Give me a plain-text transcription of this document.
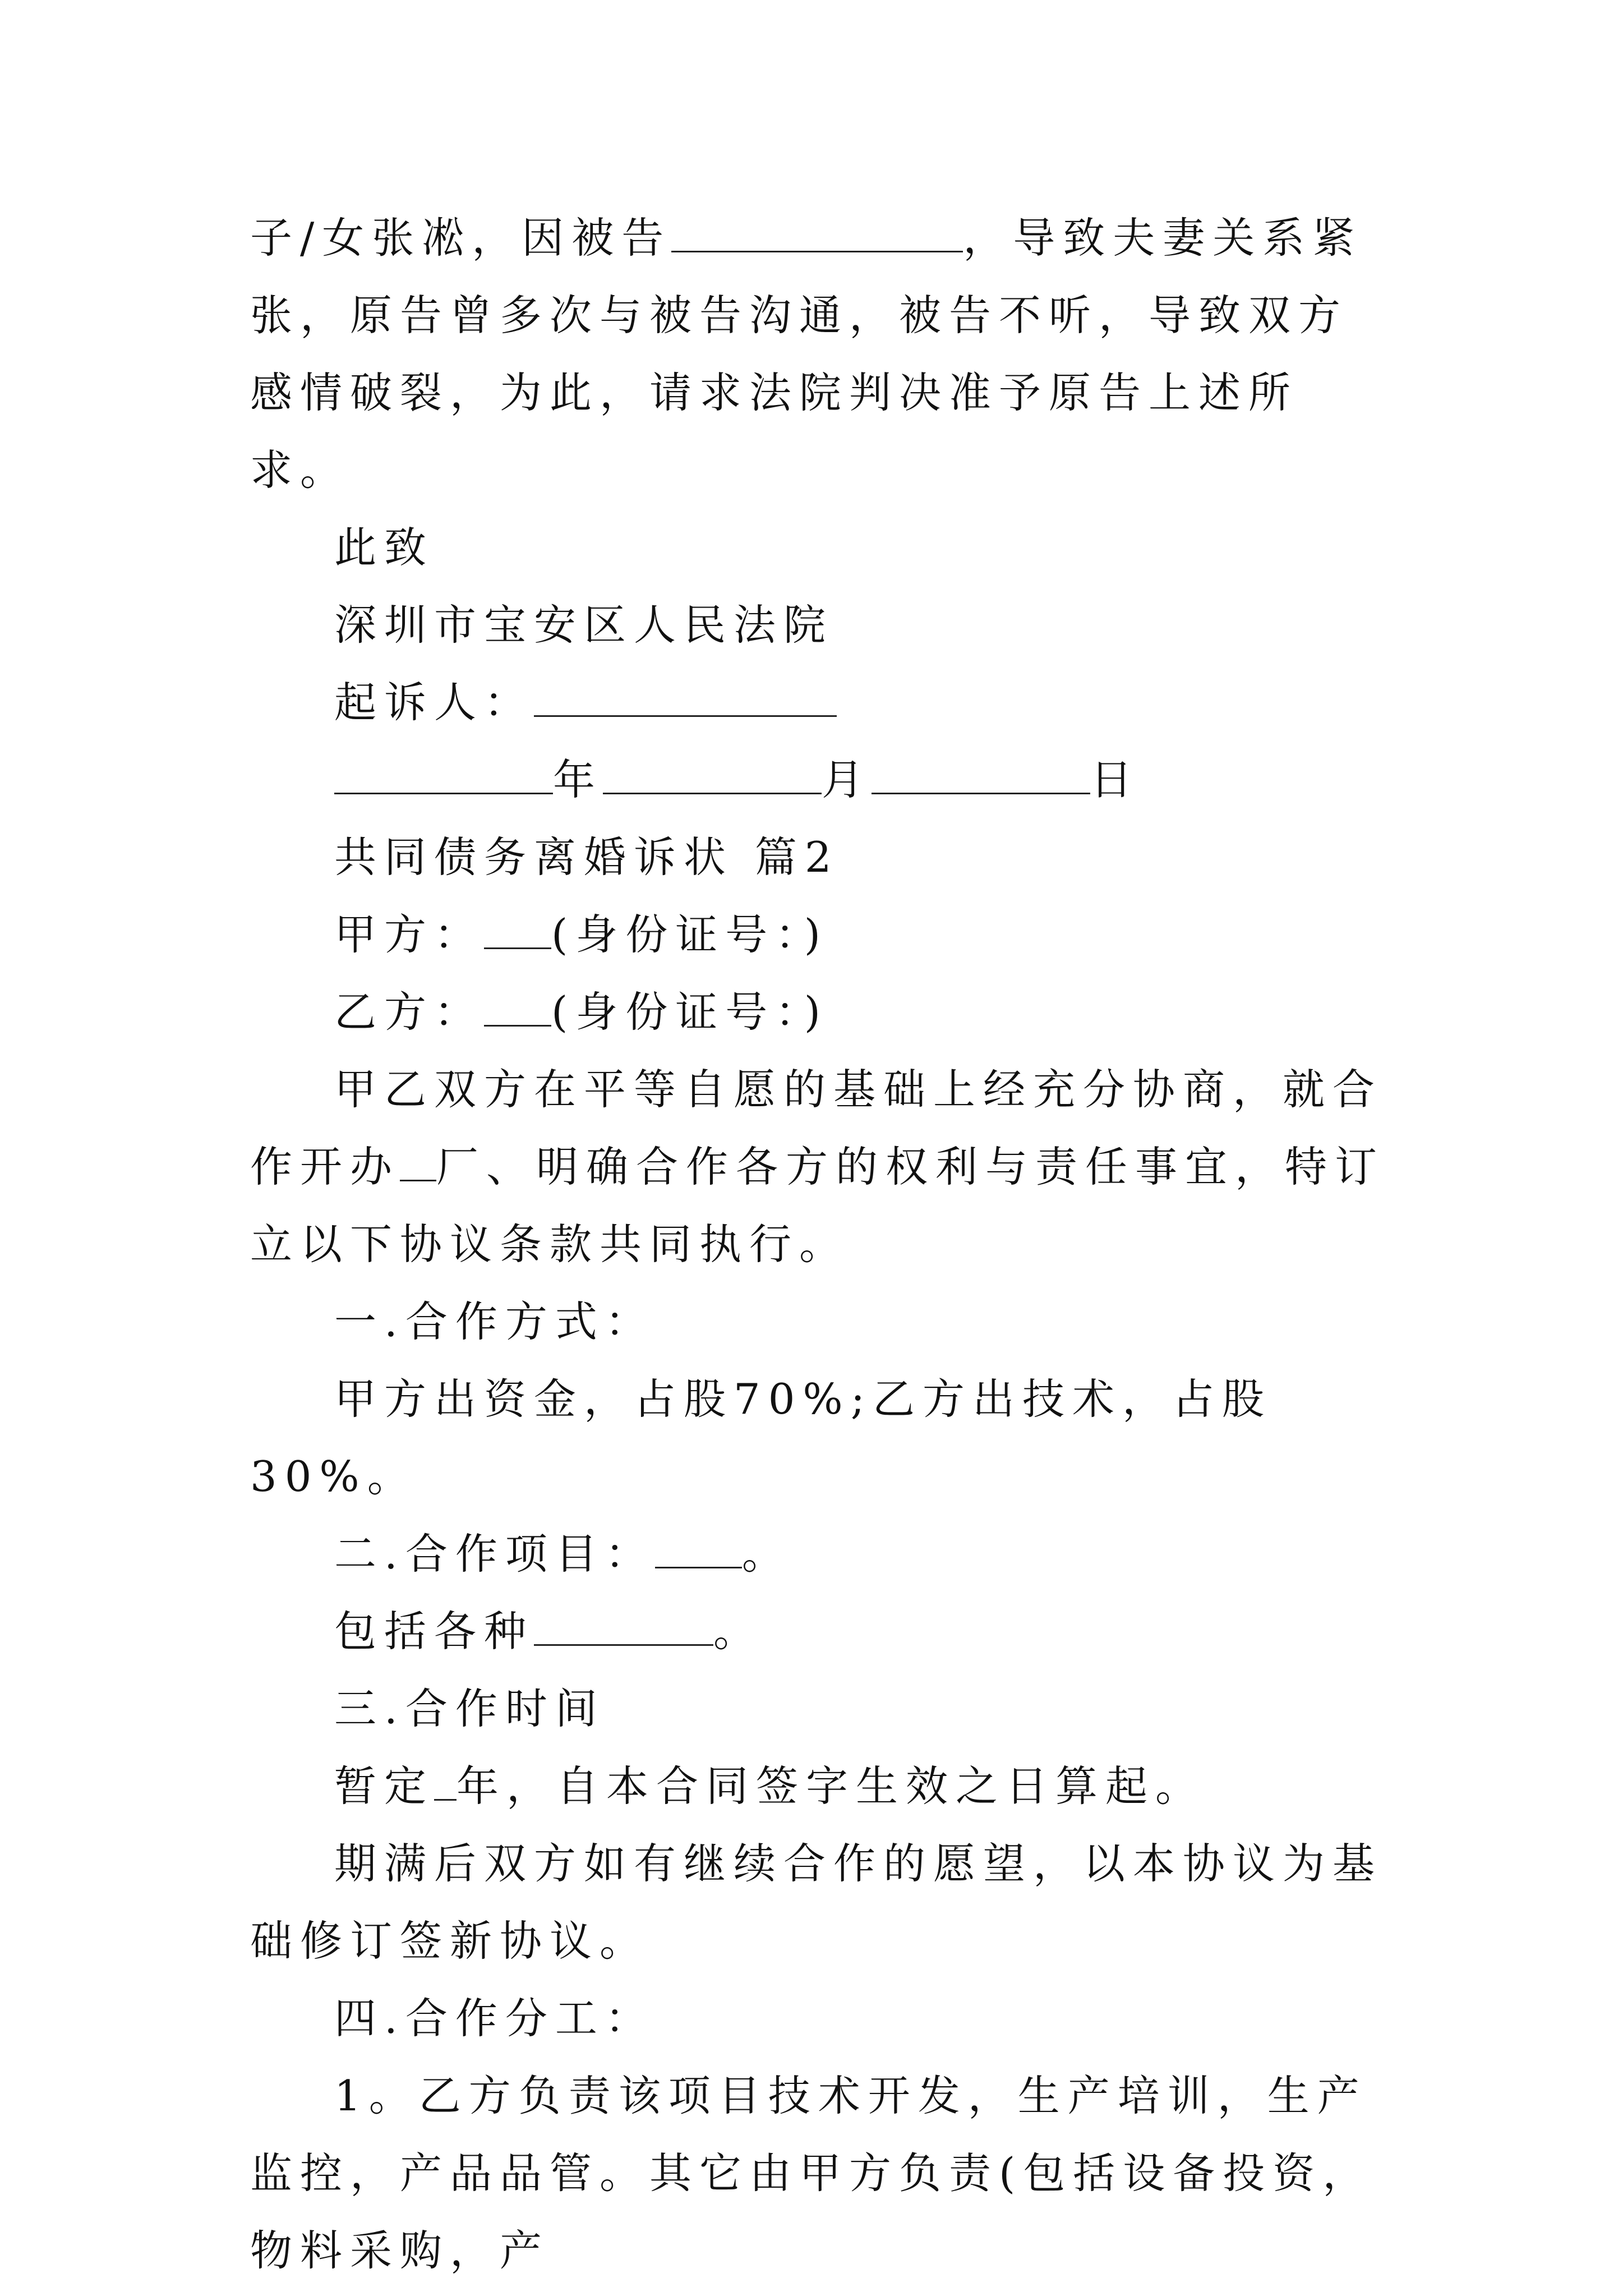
子/女张凇，因被告	，导致夫妻关系紧张，原告曾多次与被告沟通，被告不听，导致双方感情破裂，为此，请求法院判决准予原告上述所求。

此致

深圳市宝安区人民法院

起诉人：

年	月	日

共同债务离婚诉状 篇2

甲方： (身份证号：)

乙方： (身份证号：)

甲乙双方在平等自愿的基础上经充分协商，就合作开办 厂、明确合作各方的权利与责任事宜，特订立以下协议条款共同执行。

一.合作方式：

甲方出资金，占股70%;乙方出技术，占股30%。

二.合作项目： 。

包括各种	。

三.合作时间

暂定 年，自本合同签字生效之日算起。

期满后双方如有继续合作的愿望，以本协议为基础修订签新协议。

四.合作分工：

1。乙方负责该项目技术开发，生产培训，生产监控，产品品管。其它由甲方负责(包括设备投资，物料采购，产
